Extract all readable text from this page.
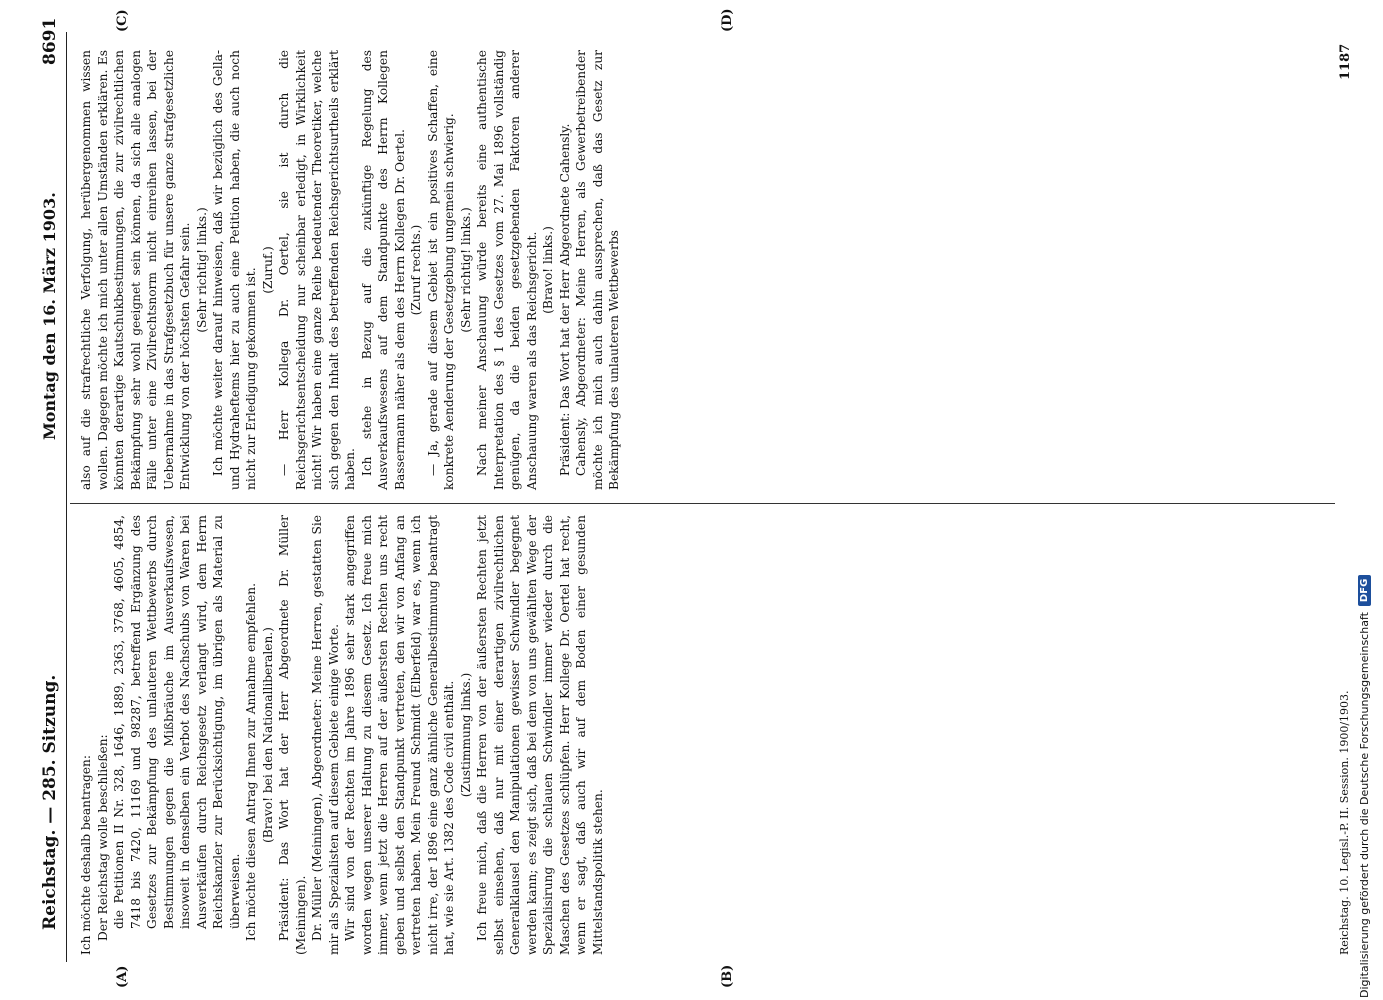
Reichstag. — 285. Sitzung.
Montag den 16. März 1903.
8691
(A)	(B)
(C)	(D)

Ich möchte deshalb beantragen: Der Reichstag wolle beschließen: die Petitionen II Nr. 328, 1646, 1889, 2363, 3768, 4605, 4854, 7418 bis 7420, 11169 und 98287, betreffend Ergänzung des Gesetzes zur Bekämpfung des unlauteren Wettbewerbs durch Bestimmungen gegen die Mißbräuche im Ausverkaufswesen, insoweit in denselben ein Verbot des Nachschubs von Waren bei Ausverkäufen durch Reichsgesetz verlangt wird, dem Herrn Reichskanzler zur Berücksichtigung, im übrigen als Material zu überweisen. Ich möchte diesen Antrag Ihnen zur Annahme empfehlen. (Bravo! bei den Nationalliberalen.) Präsident: Das Wort hat der Herr Abgeordnete Dr. Müller (Meiningen). Dr. Müller (Meiningen), Abgeordneter: Meine Herren, gestatten Sie mir als Spezialisten auf diesem Gebiete einige Worte. Wir sind von der Rechten im Jahre 1896 sehr stark angegriffen worden wegen unserer Haltung zu diesem Gesetz. Ich freue mich immer, wenn jetzt die Herren auf der äußersten Rechten uns recht geben und selbst den Standpunkt vertreten, den wir von Anfang an vertreten haben. Mein Freund Schmidt (Elberfeld) war es, wenn ich nicht irre, der 1896 eine ganz ähnliche Generalbestimmung beantragt hat, wie sie Art. 1382 des Code civil enthält. (Zustimmung links.) Ich freue mich, daß die Herren von der äußersten Rechten jetzt selbst einsehen, daß nur mit einer derartigen zivilrechtlichen Generalklausel den Manipulationen gewisser Schwindler begegnet werden kann; es zeigt sich, daß bei dem von uns gewählten Wege der Spezialisirung die schlauen Schwindler immer wieder durch die Maschen des Gesetzes schlüpfen. Herr Kollege Dr. Oertel hat recht, wenn er sagt, daß auch wir auf dem Boden einer gesunden Mittelstandspolitik stehen.	Reichstag. 10. Legisl.-P. II. Session. 1900/1903.

also auf die strafrechtliche Verfolgung, herübergenommen wissen wollen. Dagegen möchte ich mich unter allen Umständen erklären. Es könnten derartige Kautschukbestimmungen, die zur zivilrechtlichen Bekämpfung sehr wohl geeignet sein können, da sich alle analogen Fälle unter eine Zivilrechtsnorm nicht einreihen lassen, bei der Uebernahme in das Strafgesetzbuch für unsere ganze strafgesetzliche Entwicklung von der höchsten Gefahr sein. (Sehr richtig! links.) Ich möchte weiter darauf hinweisen, daß wir bezüglich des Gella- und Hydraheftems hier zu auch eine Petition haben, die auch noch nicht zur Erledigung gekommen ist. (Zuruf.) — Herr Kollega Dr. Oertel, sie ist durch die Reichsgerichtsentscheidung nur scheinbar erledigt, in Wirklichkeit nicht! Wir haben eine ganze Reihe bedeutender Theoretiker, welche sich gegen den Inhalt des betreffenden Reichsgerichtsurtheils erklärt haben. Ich stehe in Bezug auf die zukünftige Regelung des Ausverkaufswesens auf dem Standpunkte des Herrn Kollegen Bassermann näher als dem des Herrn Kollegen Dr. Oertel. (Zuruf rechts.) — Ja, gerade auf diesem Gebiet ist ein positives Schaffen, eine konkrete Aenderung der Gesetzgebung ungemein schwierig. (Sehr richtig! links.) Nach meiner Anschauung würde bereits eine authentische Interpretation des § 1 des Gesetzes vom 27. Mai 1896 vollständig genügen, da die beiden gesetzgebenden Faktoren anderer Anschauung waren als das Reichsgericht. (Bravo! links.) Präsident: Das Wort hat der Herr Abgeordnete Cahensly. Cahensly, Abgeordneter: Meine Herren, als Gewerbetreibender möchte ich mich auch dahin aussprechen, daß das Gesetz zur Bekämpfung des unlauteren Wettbewerbs

1187
Digitalisierung gefördert durch die Deutsche Forschungsgemeinschaft
DFG
